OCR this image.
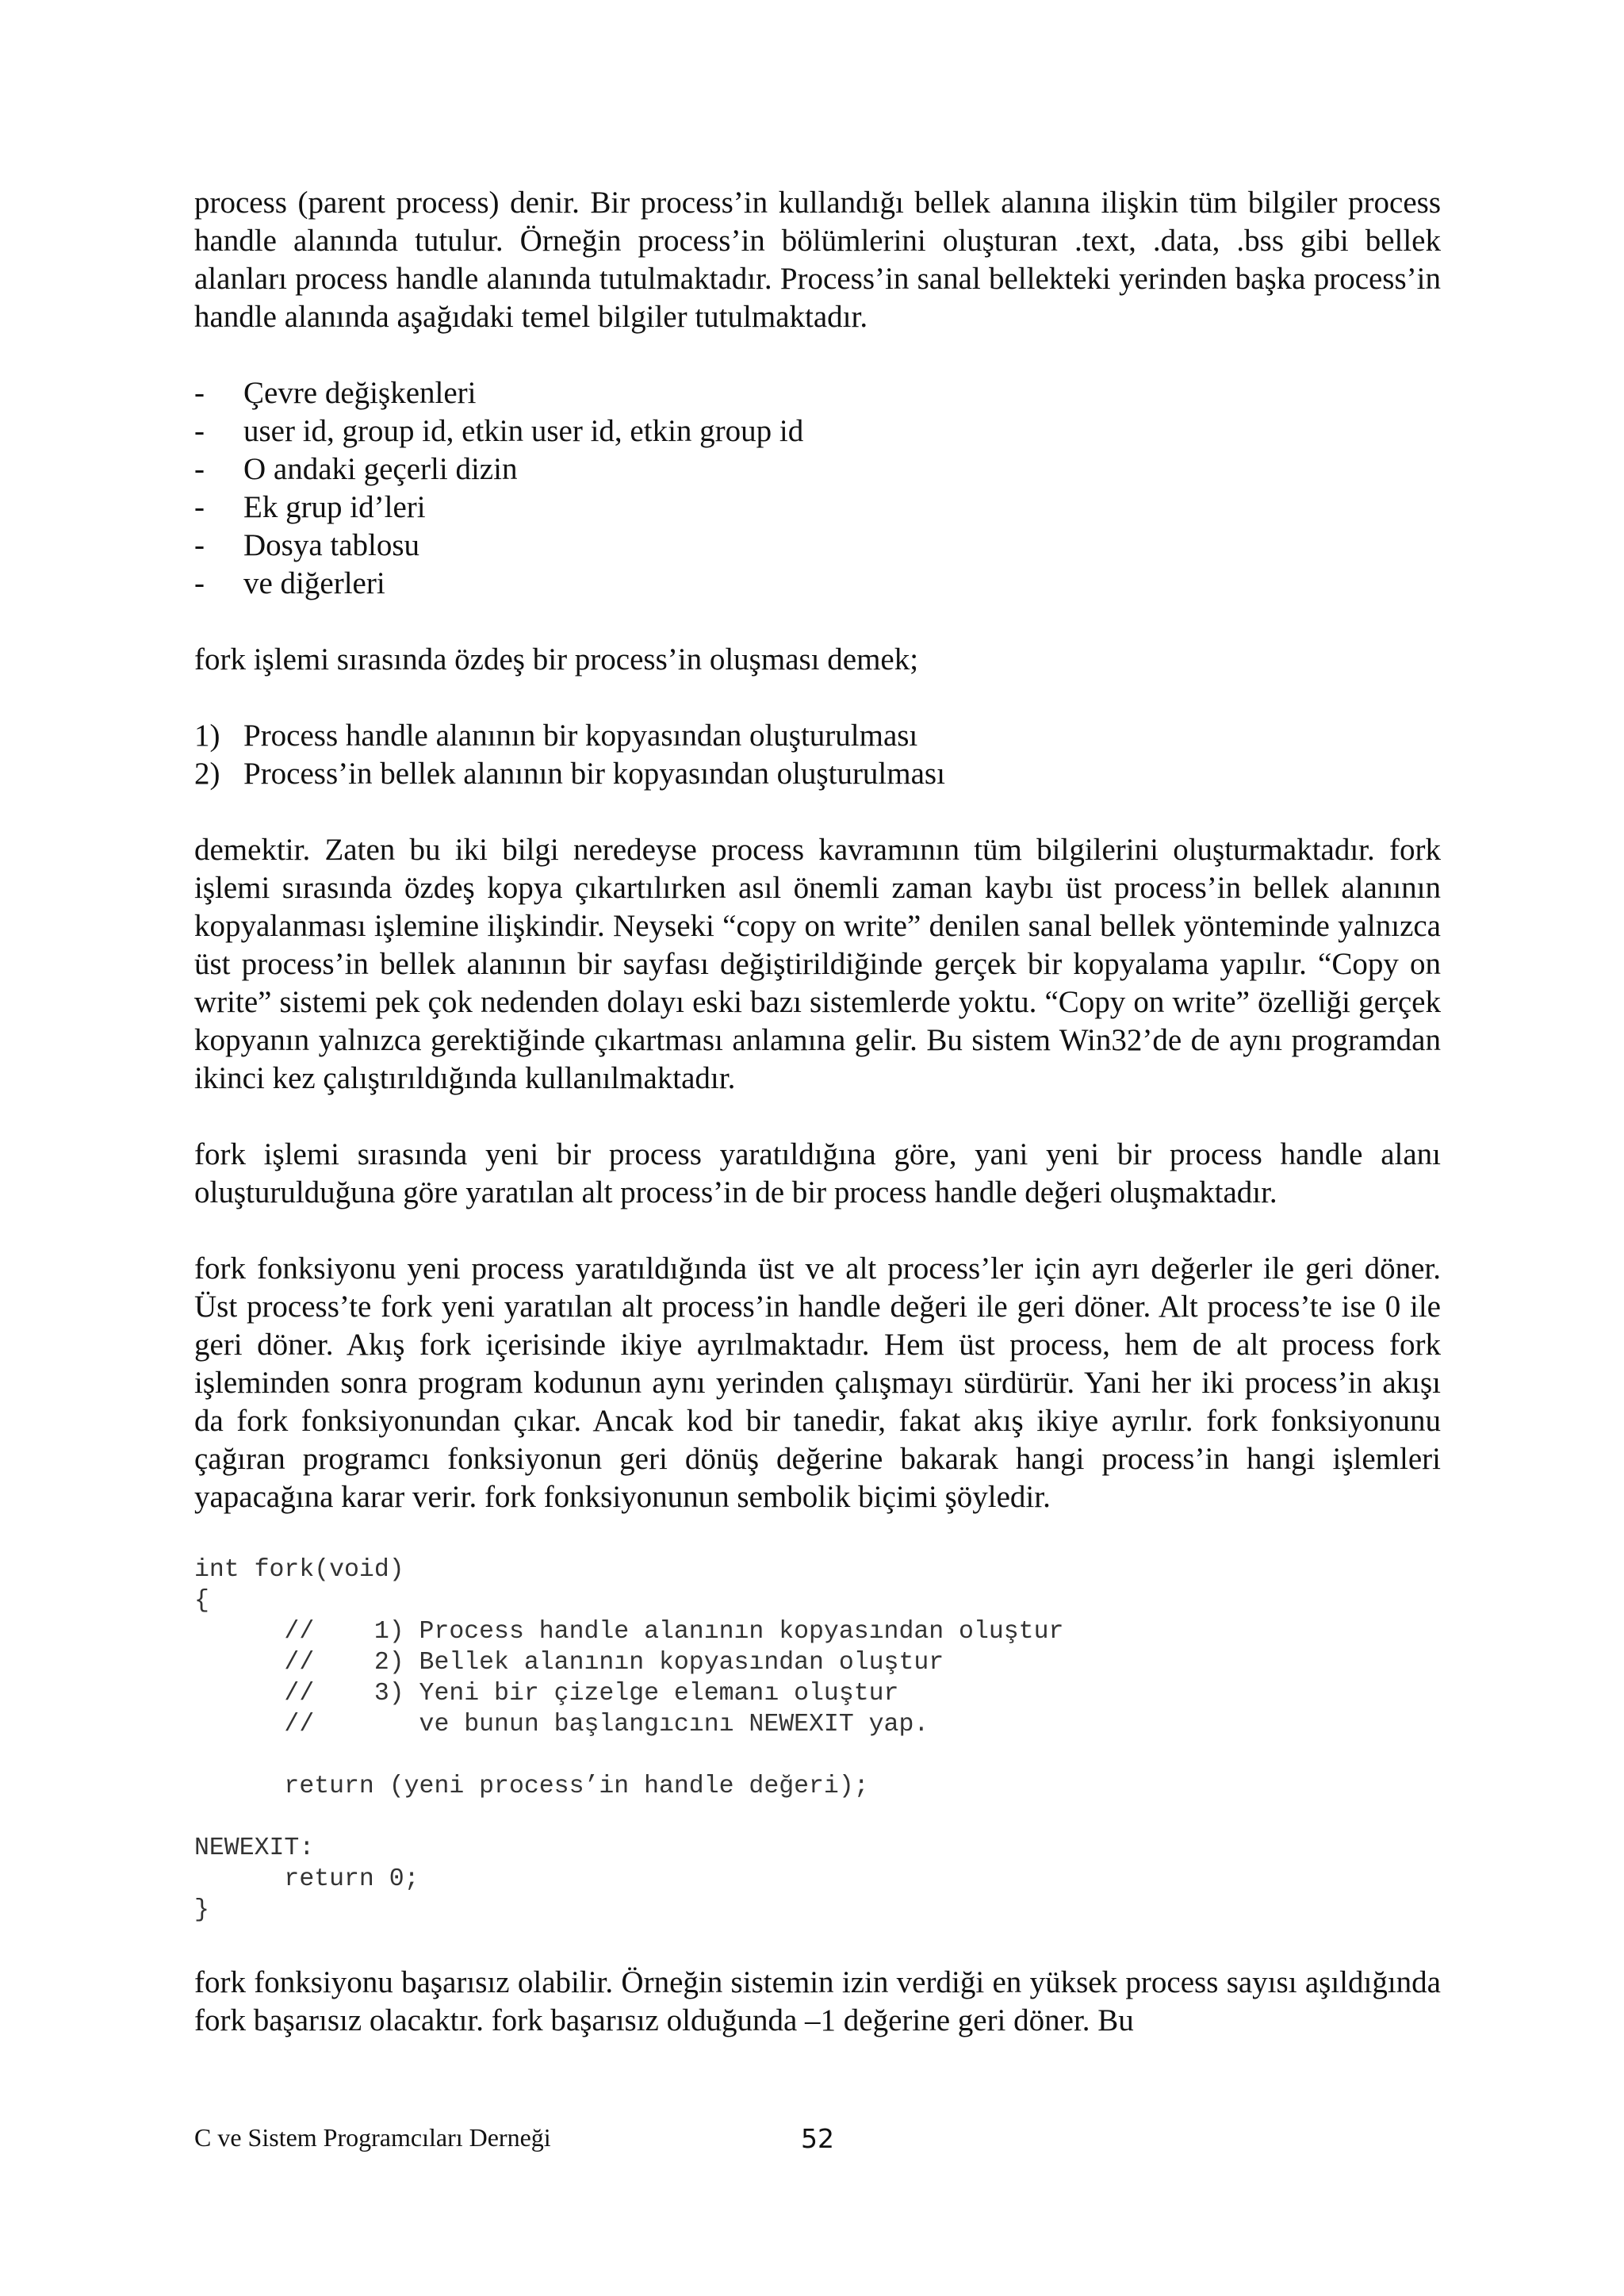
process (parent process) denir. Bir process’in kullandığı bellek alanına ilişkin tüm bilgiler process handle alanında tutulur. Örneğin process’in bölümlerini oluşturan .text, .data, .bss gibi bellek alanları process handle alanında tutulmaktadır. Process’in sanal bellekteki yerinden başka process’in handle alanında aşağıdaki temel bilgiler tutulmaktadır.

- Çevre değişkenleri
- user id, group id, etkin user id, etkin group id
- O andaki geçerli dizin
- Ek grup id’leri
- Dosya tablosu
- ve diğerleri

fork işlemi sırasında özdeş bir process’in oluşması demek;

1) Process handle alanının bir kopyasından oluşturulması
2) Process’in bellek alanının bir kopyasından oluşturulması

demektir. Zaten bu iki bilgi neredeyse process kavramının tüm bilgilerini oluşturmaktadır. fork işlemi sırasında özdeş kopya çıkartılırken asıl önemli zaman kaybı üst process’in bellek alanının kopyalanması işlemine ilişkindir. Neyseki “copy on write” denilen sanal bellek yönteminde yalnızca üst process’in bellek alanının bir sayfası değiştirildiğinde gerçek bir kopyalama yapılır. “Copy on write” sistemi pek çok nedenden dolayı eski bazı sistemlerde yoktu. “Copy on write” özelliği gerçek kopyanın yalnızca gerektiğinde çıkartması anlamına gelir. Bu sistem Win32’de de aynı programdan ikinci kez çalıştırıldığında kullanılmaktadır.

fork işlemi sırasında yeni bir process yaratıldığına göre, yani yeni bir process handle alanı oluşturulduğuna göre yaratılan alt process’in de bir process handle değeri oluşmaktadır.

fork fonksiyonu yeni process yaratıldığında üst ve alt process’ler için ayrı değerler ile geri döner. Üst process’te fork yeni yaratılan alt process’in handle değeri ile geri döner. Alt process’te ise 0 ile geri döner. Akış fork içerisinde ikiye ayrılmaktadır. Hem üst process, hem de alt process fork işleminden sonra program kodunun aynı yerinden çalışmayı sürdürür. Yani her iki process’in akışı da fork fonksiyonundan çıkar. Ancak kod bir tanedir, fakat akış ikiye ayrılır. fork fonksiyonunu çağıran programcı fonksiyonun geri dönüş değerine bakarak hangi process’in hangi işlemleri yapacağına karar verir. fork fonksiyonunun sembolik biçimi şöyledir.

int fork(void)
{
//    1) Process handle alanının kopyasından oluştur
//    2) Bellek alanının kopyasından oluştur
//    3) Yeni bir çizelge elemanı oluştur
//       ve bunun başlangıcını NEWEXIT yap.
return (yeni process’in handle değeri);
NEWEXIT:
return 0;
}

fork fonksiyonu başarısız olabilir. Örneğin sistemin izin verdiği en yüksek process sayısı aşıldığında fork başarısız olacaktır. fork başarısız olduğunda –1 değerine geri döner. Bu

C ve Sistem Programcıları Derneği	52
